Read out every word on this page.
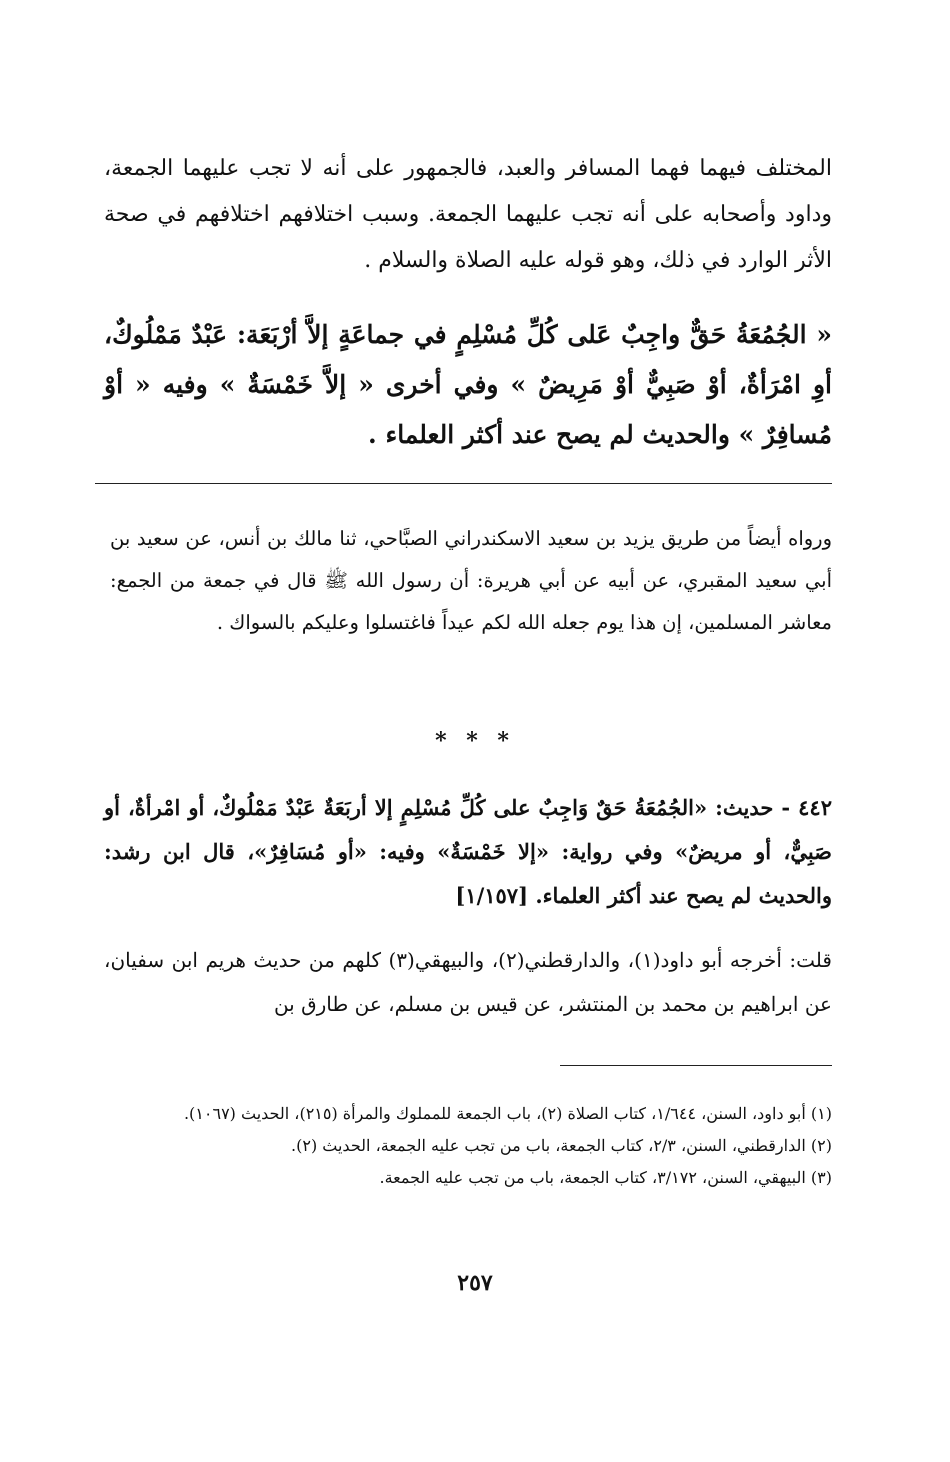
المختلف فيهما فهما المسافر والعبد، فالجمهور على أنه لا تجب عليهما الجمعة، وداود وأصحابه على أنه تجب عليهما الجمعة. وسبب اختلافهم اختلافهم في صحة الأثر الوارد في ذلك، وهو قوله عليه الصلاة والسلام .

« الجُمُعَةُ حَقٌّ واجِبٌ عَلى كُلِّ مُسْلِمٍ في جماعَةٍ إلاَّ أرْبَعَة: عَبْدٌ مَمْلُوكٌ، أوِ امْرَأةٌ، أوْ صَبِيٌّ أوْ مَرِيضٌ » وفي أخرى « إلاَّ خَمْسَةٌ » وفيه « أوْ مُسافِرٌ » والحديث لم يصح عند أكثر العلماء .

ورواه أيضاً من طريق يزيد بن سعيد الاسكندراني الصبَّاحي، ثنا مالك بن أنس، عن سعيد بن أبي سعيد المقبري، عن أبيه عن أبي هريرة: أن رسول الله ﷺ قال في جمعة من الجمع: معاشر المسلمين، إن هذا يوم جعله الله لكم عيداً فاغتسلوا وعليكم بالسواك .

* * *

٤٤٢ - حديث: «الجُمُعَةُ حَقٌ وَاجِبٌ على كُلِّ مُسْلِمٍ إلا أربَعَةٌ عَبْدٌ مَمْلُوكٌ، أو امْرأةٌ، أو صَبِيٌّ، أو مريضٌ» وفي رواية: «إلا خَمْسَةٌ» وفيه: «أو مُسَافِرٌ»، قال ابن رشد: والحديث لم يصح عند أكثر العلماء. [١/١٥٧]

قلت: أخرجه أبو داود(١)، والدارقطني(٢)، والبيهقي(٣) كلهم من حديث هريم ابن سفيان، عن ابراهيم بن محمد بن المنتشر، عن قيس بن مسلم، عن طارق بن

(١) أبو داود، السنن، ١/٦٤٤، كتاب الصلاة (٢)، باب الجمعة للمملوك والمرأة (٢١٥)، الحديث (١٠٦٧).

(٢) الدارقطني، السنن، ٢/٣، كتاب الجمعة، باب من تجب عليه الجمعة، الحديث (٢).

(٣) البيهقي، السنن، ٣/١٧٢، كتاب الجمعة، باب من تجب عليه الجمعة.

٢٥٧
